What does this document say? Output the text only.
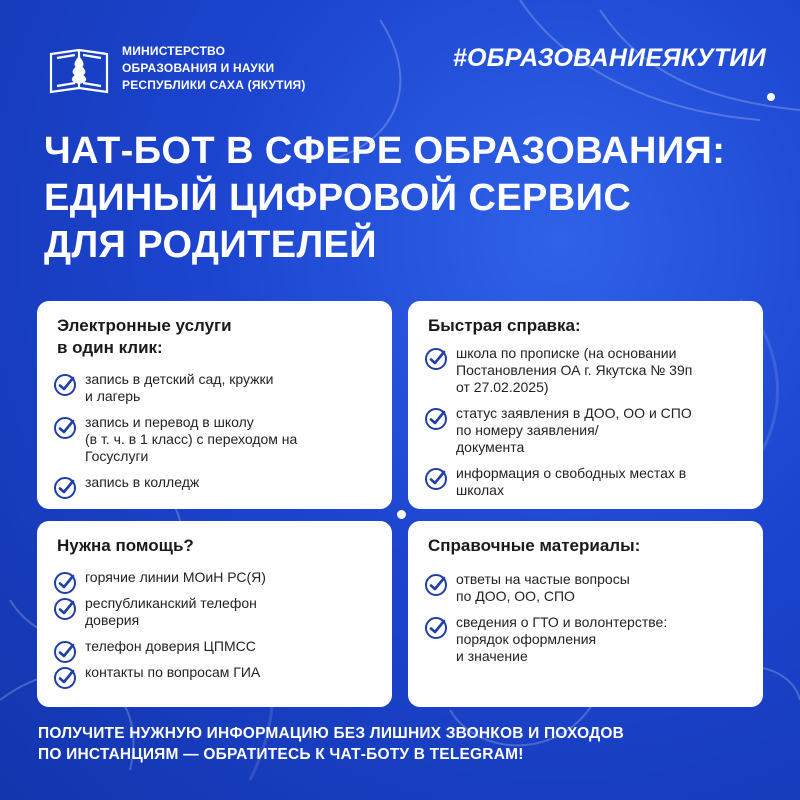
МИНИСТЕРСТВО
ОБРАЗОВАНИЯ И НАУКИ
РЕСПУБЛИКИ САХА (ЯКУТИЯ)
#ОБРАЗОВАНИЕЯКУТИИ
ЧАТ-БОТ В СФЕРЕ ОБРАЗОВАНИЯ:
ЕДИНЫЙ ЦИФРОВОЙ СЕРВИС
ДЛЯ РОДИТЕЛЕЙ
Электронные услуги
в один клик:
запись в детский сад, кружки
и лагерь
запись и перевод в школу
(в т. ч. в 1 класс) с переходом на
Госуслуги
запись в колледж
Быстрая справка:
школа по прописке (на основании
Постановления ОА г. Якутска № 39п
от 27.02.2025)
статус заявления в ДОО, ОО и СПО
по номеру заявления/
документа
информация о свободных местах в
школах
Нужна помощь?
горячие линии МОиН РС(Я)
республиканский телефон
доверия
телефон доверия ЦПМСС
контакты по вопросам ГИА
Справочные материалы:
ответы на частые вопросы
по ДОО, ОО, СПО
сведения о ГТО и волонтерстве:
порядок оформления
и значение
ПОЛУЧИТЕ НУЖНУЮ ИНФОРМАЦИЮ БЕЗ ЛИШНИХ ЗВОНКОВ И ПОХОДОВ
ПО ИНСТАНЦИЯМ — ОБРАТИТЕСЬ К ЧАТ-БОТУ В TELEGRAM!
